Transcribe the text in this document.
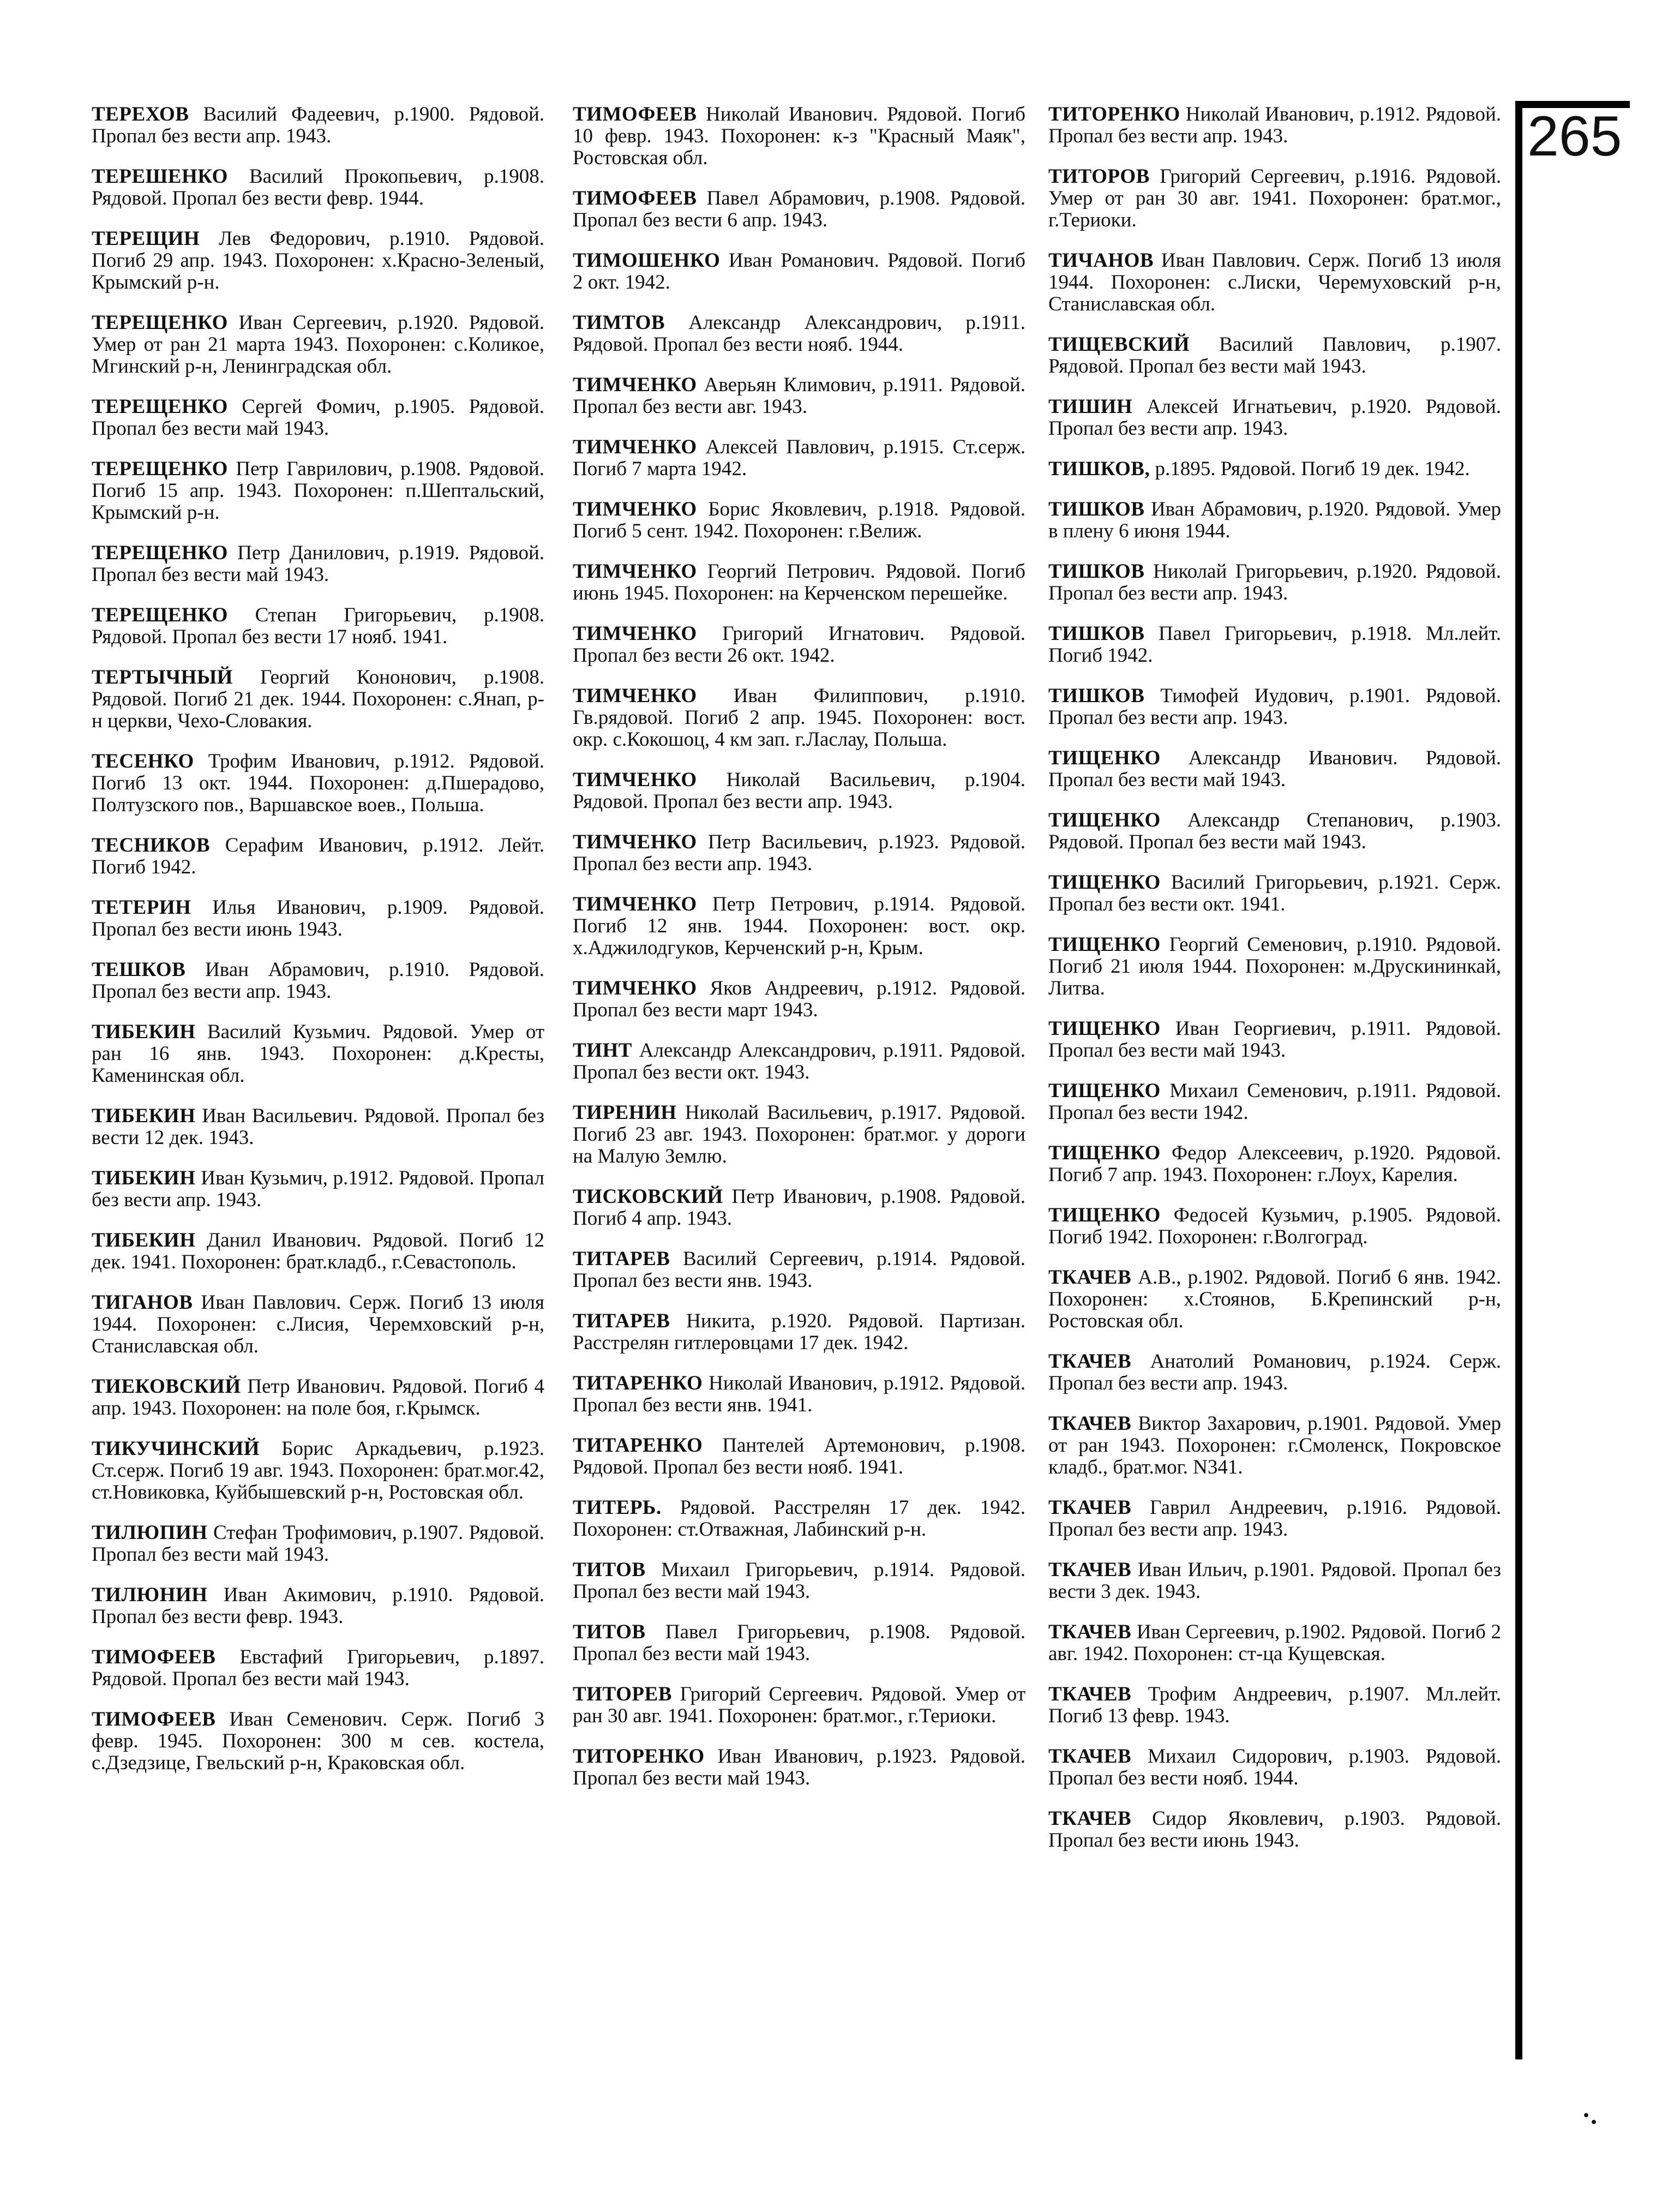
ТЕРЕХОВ Василий Фадеевич, р.1900. Рядовой. Пропал без вести апр. 1943.

ТЕРЕШЕНКО Василий Прокопьевич, р.1908. Рядовой. Пропал без вести февр. 1944.

ТЕРЕЩИН Лев Федорович, р.1910. Рядовой. Погиб 29 апр. 1943. Похоронен: х.Красно-Зеленый, Крымский р-н.

ТЕРЕЩЕНКО Иван Сергеевич, р.1920. Рядовой. Умер от ран 21 марта 1943. Похоронен: с.Коликое, Мгинский р-н, Ленинградская обл.

ТЕРЕЩЕНКО Сергей Фомич, р.1905. Рядовой. Пропал без вести май 1943.

ТЕРЕЩЕНКО Петр Гаврилович, р.1908. Рядовой. Погиб 15 апр. 1943. Похоронен: п.Шептальский, Крымский р-н.

ТЕРЕЩЕНКО Петр Данилович, р.1919. Рядовой. Пропал без вести май 1943.

ТЕРЕЩЕНКО Степан Григорьевич, р.1908. Рядовой. Пропал без вести 17 нояб. 1941.

ТЕРТЫЧНЫЙ Георгий Кононович, р.1908. Рядовой. Погиб 21 дек. 1944. Похоронен: с.Янап, р-н церкви, Чехо-Словакия.

ТЕСЕНКО Трофим Иванович, р.1912. Рядовой. Погиб 13 окт. 1944. Похоронен: д.Пшерадово, Полтузского пов., Варшавское воев., Польша.

ТЕСНИКОВ Серафим Иванович, р.1912. Лейт. Погиб 1942.

ТЕТЕРИН Илья Иванович, р.1909. Рядовой. Пропал без вести июнь 1943.

ТЕШКОВ Иван Абрамович, р.1910. Рядовой. Пропал без вести апр. 1943.

ТИБЕКИН Василий Кузьмич. Рядовой. Умер от ран 16 янв. 1943. Похоронен: д.Кресты, Каменинская обл.

ТИБЕКИН Иван Васильевич. Рядовой. Пропал без вести 12 дек. 1943.

ТИБЕКИН Иван Кузьмич, р.1912. Рядовой. Пропал без вести апр. 1943.

ТИБЕКИН Данил Иванович. Рядовой. Погиб 12 дек. 1941. Похоронен: брат.кладб., г.Севастополь.

ТИГАНОВ Иван Павлович. Серж. Погиб 13 июля 1944. Похоронен: с.Лисия, Черемховский р-н, Станиславская обл.

ТИЕКОВСКИЙ Петр Иванович. Рядовой. Погиб 4 апр. 1943. Похоронен: на поле боя, г.Крымск.

ТИКУЧИНСКИЙ Борис Аркадьевич, р.1923. Ст.серж. Погиб 19 авг. 1943. Похоронен: брат.мог.42, ст.Новиковка, Куйбышевский р-н, Ростовская обл.

ТИЛЮПИН Стефан Трофимович, р.1907. Рядовой. Пропал без вести май 1943.

ТИЛЮНИН Иван Акимович, р.1910. Рядовой. Пропал без вести февр. 1943.

ТИМОФЕЕВ Евстафий Григорьевич, р.1897. Рядовой. Пропал без вести май 1943.

ТИМОФЕЕВ Иван Семенович. Серж. Погиб 3 февр. 1945. Похоронен: 300 м сев. костела, с.Дзедзице, Гвельский р-н, Краковская обл.

ТИМОФЕЕВ Николай Иванович. Рядовой. Погиб 10 февр. 1943. Похоронен: к-з "Красный Маяк", Ростовская обл.

ТИМОФЕЕВ Павел Абрамович, р.1908. Рядовой. Пропал без вести 6 апр. 1943.

ТИМОШЕНКО Иван Романович. Рядовой. Погиб 2 окт. 1942.

ТИМТОВ Александр Александрович, р.1911. Рядовой. Пропал без вести нояб. 1944.

ТИМЧЕНКО Аверьян Климович, р.1911. Рядовой. Пропал без вести авг. 1943.

ТИМЧЕНКО Алексей Павлович, р.1915. Ст.серж. Погиб 7 марта 1942.

ТИМЧЕНКО Борис Яковлевич, р.1918. Рядовой. Погиб 5 сент. 1942. Похоронен: г.Велиж.

ТИМЧЕНКО Георгий Петрович. Рядовой. Погиб июнь 1945. Похоронен: на Керченском перешейке.

ТИМЧЕНКО Григорий Игнатович. Рядовой. Пропал без вести 26 окт. 1942.

ТИМЧЕНКО Иван Филиппович, р.1910. Гв.рядовой. Погиб 2 апр. 1945. Похоронен: вост. окр. с.Кокошоц, 4 км зап. г.Ласлау, Польша.

ТИМЧЕНКО Николай Васильевич, р.1904. Рядовой. Пропал без вести апр. 1943.

ТИМЧЕНКО Петр Васильевич, р.1923. Рядовой. Пропал без вести апр. 1943.

ТИМЧЕНКО Петр Петрович, р.1914. Рядовой. Погиб 12 янв. 1944. Похоронен: вост. окр. х.Аджилодгуков, Керченский р-н, Крым.

ТИМЧЕНКО Яков Андреевич, р.1912. Рядовой. Пропал без вести март 1943.

ТИНТ Александр Александрович, р.1911. Рядовой. Пропал без вести окт. 1943.

ТИРЕНИН Николай Васильевич, р.1917. Рядовой. Погиб 23 авг. 1943. Похоронен: брат.мог. у дороги на Малую Землю.

ТИСКОВСКИЙ Петр Иванович, р.1908. Рядовой. Погиб 4 апр. 1943.

ТИТАРЕВ Василий Сергеевич, р.1914. Рядовой. Пропал без вести янв. 1943.

ТИТАРЕВ Никита, р.1920. Рядовой. Партизан. Расстрелян гитлеровцами 17 дек. 1942.

ТИТАРЕНКО Николай Иванович, р.1912. Рядовой. Пропал без вести янв. 1941.

ТИТАРЕНКО Пантелей Артемонович, р.1908. Рядовой. Пропал без вести нояб. 1941.

ТИТЕРЬ. Рядовой. Расстрелян 17 дек. 1942. Похоронен: ст.Отважная, Лабинский р-н.

ТИТОВ Михаил Григорьевич, р.1914. Рядовой. Пропал без вести май 1943.

ТИТОВ Павел Григорьевич, р.1908. Рядовой. Пропал без вести май 1943.

ТИТОРЕВ Григорий Сергеевич. Рядовой. Умер от ран 30 авг. 1941. Похоронен: брат.мог., г.Териоки.

ТИТОРЕНКО Иван Иванович, р.1923. Рядовой. Пропал без вести май 1943.

ТИТОРЕНКО Николай Иванович, р.1912. Рядовой. Пропал без вести апр. 1943.

ТИТОРОВ Григорий Сергеевич, р.1916. Рядовой. Умер от ран 30 авг. 1941. Похоронен: брат.мог., г.Териоки.

ТИЧАНОВ Иван Павлович. Серж. Погиб 13 июля 1944. Похоронен: с.Лиски, Черемуховский р-н, Станиславская обл.

ТИЩЕВСКИЙ Василий Павлович, р.1907. Рядовой. Пропал без вести май 1943.

ТИШИН Алексей Игнатьевич, р.1920. Рядовой. Пропал без вести апр. 1943.

ТИШКОВ, р.1895. Рядовой. Погиб 19 дек. 1942.

ТИШКОВ Иван Абрамович, р.1920. Рядовой. Умер в плену 6 июня 1944.

ТИШКОВ Николай Григорьевич, р.1920. Рядовой. Пропал без вести апр. 1943.

ТИШКОВ Павел Григорьевич, р.1918. Мл.лейт. Погиб 1942.

ТИШКОВ Тимофей Иудович, р.1901. Рядовой. Пропал без вести апр. 1943.

ТИЩЕНКО Александр Иванович. Рядовой. Пропал без вести май 1943.

ТИЩЕНКО Александр Степанович, р.1903. Рядовой. Пропал без вести май 1943.

ТИЩЕНКО Василий Григорьевич, р.1921. Серж. Пропал без вести окт. 1941.

ТИЩЕНКО Георгий Семенович, р.1910. Рядовой. Погиб 21 июля 1944. Похоронен: м.Друскининкай, Литва.

ТИЩЕНКО Иван Георгиевич, р.1911. Рядовой. Пропал без вести май 1943.

ТИЩЕНКО Михаил Семенович, р.1911. Рядовой. Пропал без вести 1942.

ТИЩЕНКО Федор Алексеевич, р.1920. Рядовой. Погиб 7 апр. 1943. Похоронен: г.Лоух, Карелия.

ТИЩЕНКО Федосей Кузьмич, р.1905. Рядовой. Погиб 1942. Похоронен: г.Волгоград.

ТКАЧЕВ А.В., р.1902. Рядовой. Погиб 6 янв. 1942. Похоронен: х.Стоянов, Б.Крепинский р-н, Ростовская обл.

ТКАЧЕВ Анатолий Романович, р.1924. Серж. Пропал без вести апр. 1943.

ТКАЧЕВ Виктор Захарович, р.1901. Рядовой. Умер от ран 1943. Похоронен: г.Смоленск, Покровское кладб., брат.мог. N341.

ТКАЧЕВ Гаврил Андреевич, р.1916. Рядовой. Пропал без вести апр. 1943.

ТКАЧЕВ Иван Ильич, р.1901. Рядовой. Пропал без вести 3 дек. 1943.

ТКАЧЕВ Иван Сергеевич, р.1902. Рядовой. Погиб 2 авг. 1942. Похоронен: ст-ца Кущевская.

ТКАЧЕВ Трофим Андреевич, р.1907. Мл.лейт. Погиб 13 февр. 1943.

ТКАЧЕВ Михаил Сидорович, р.1903. Рядовой. Пропал без вести нояб. 1944.

ТКАЧЕВ Сидор Яковлевич, р.1903. Рядовой. Пропал без вести июнь 1943.

265
·.
